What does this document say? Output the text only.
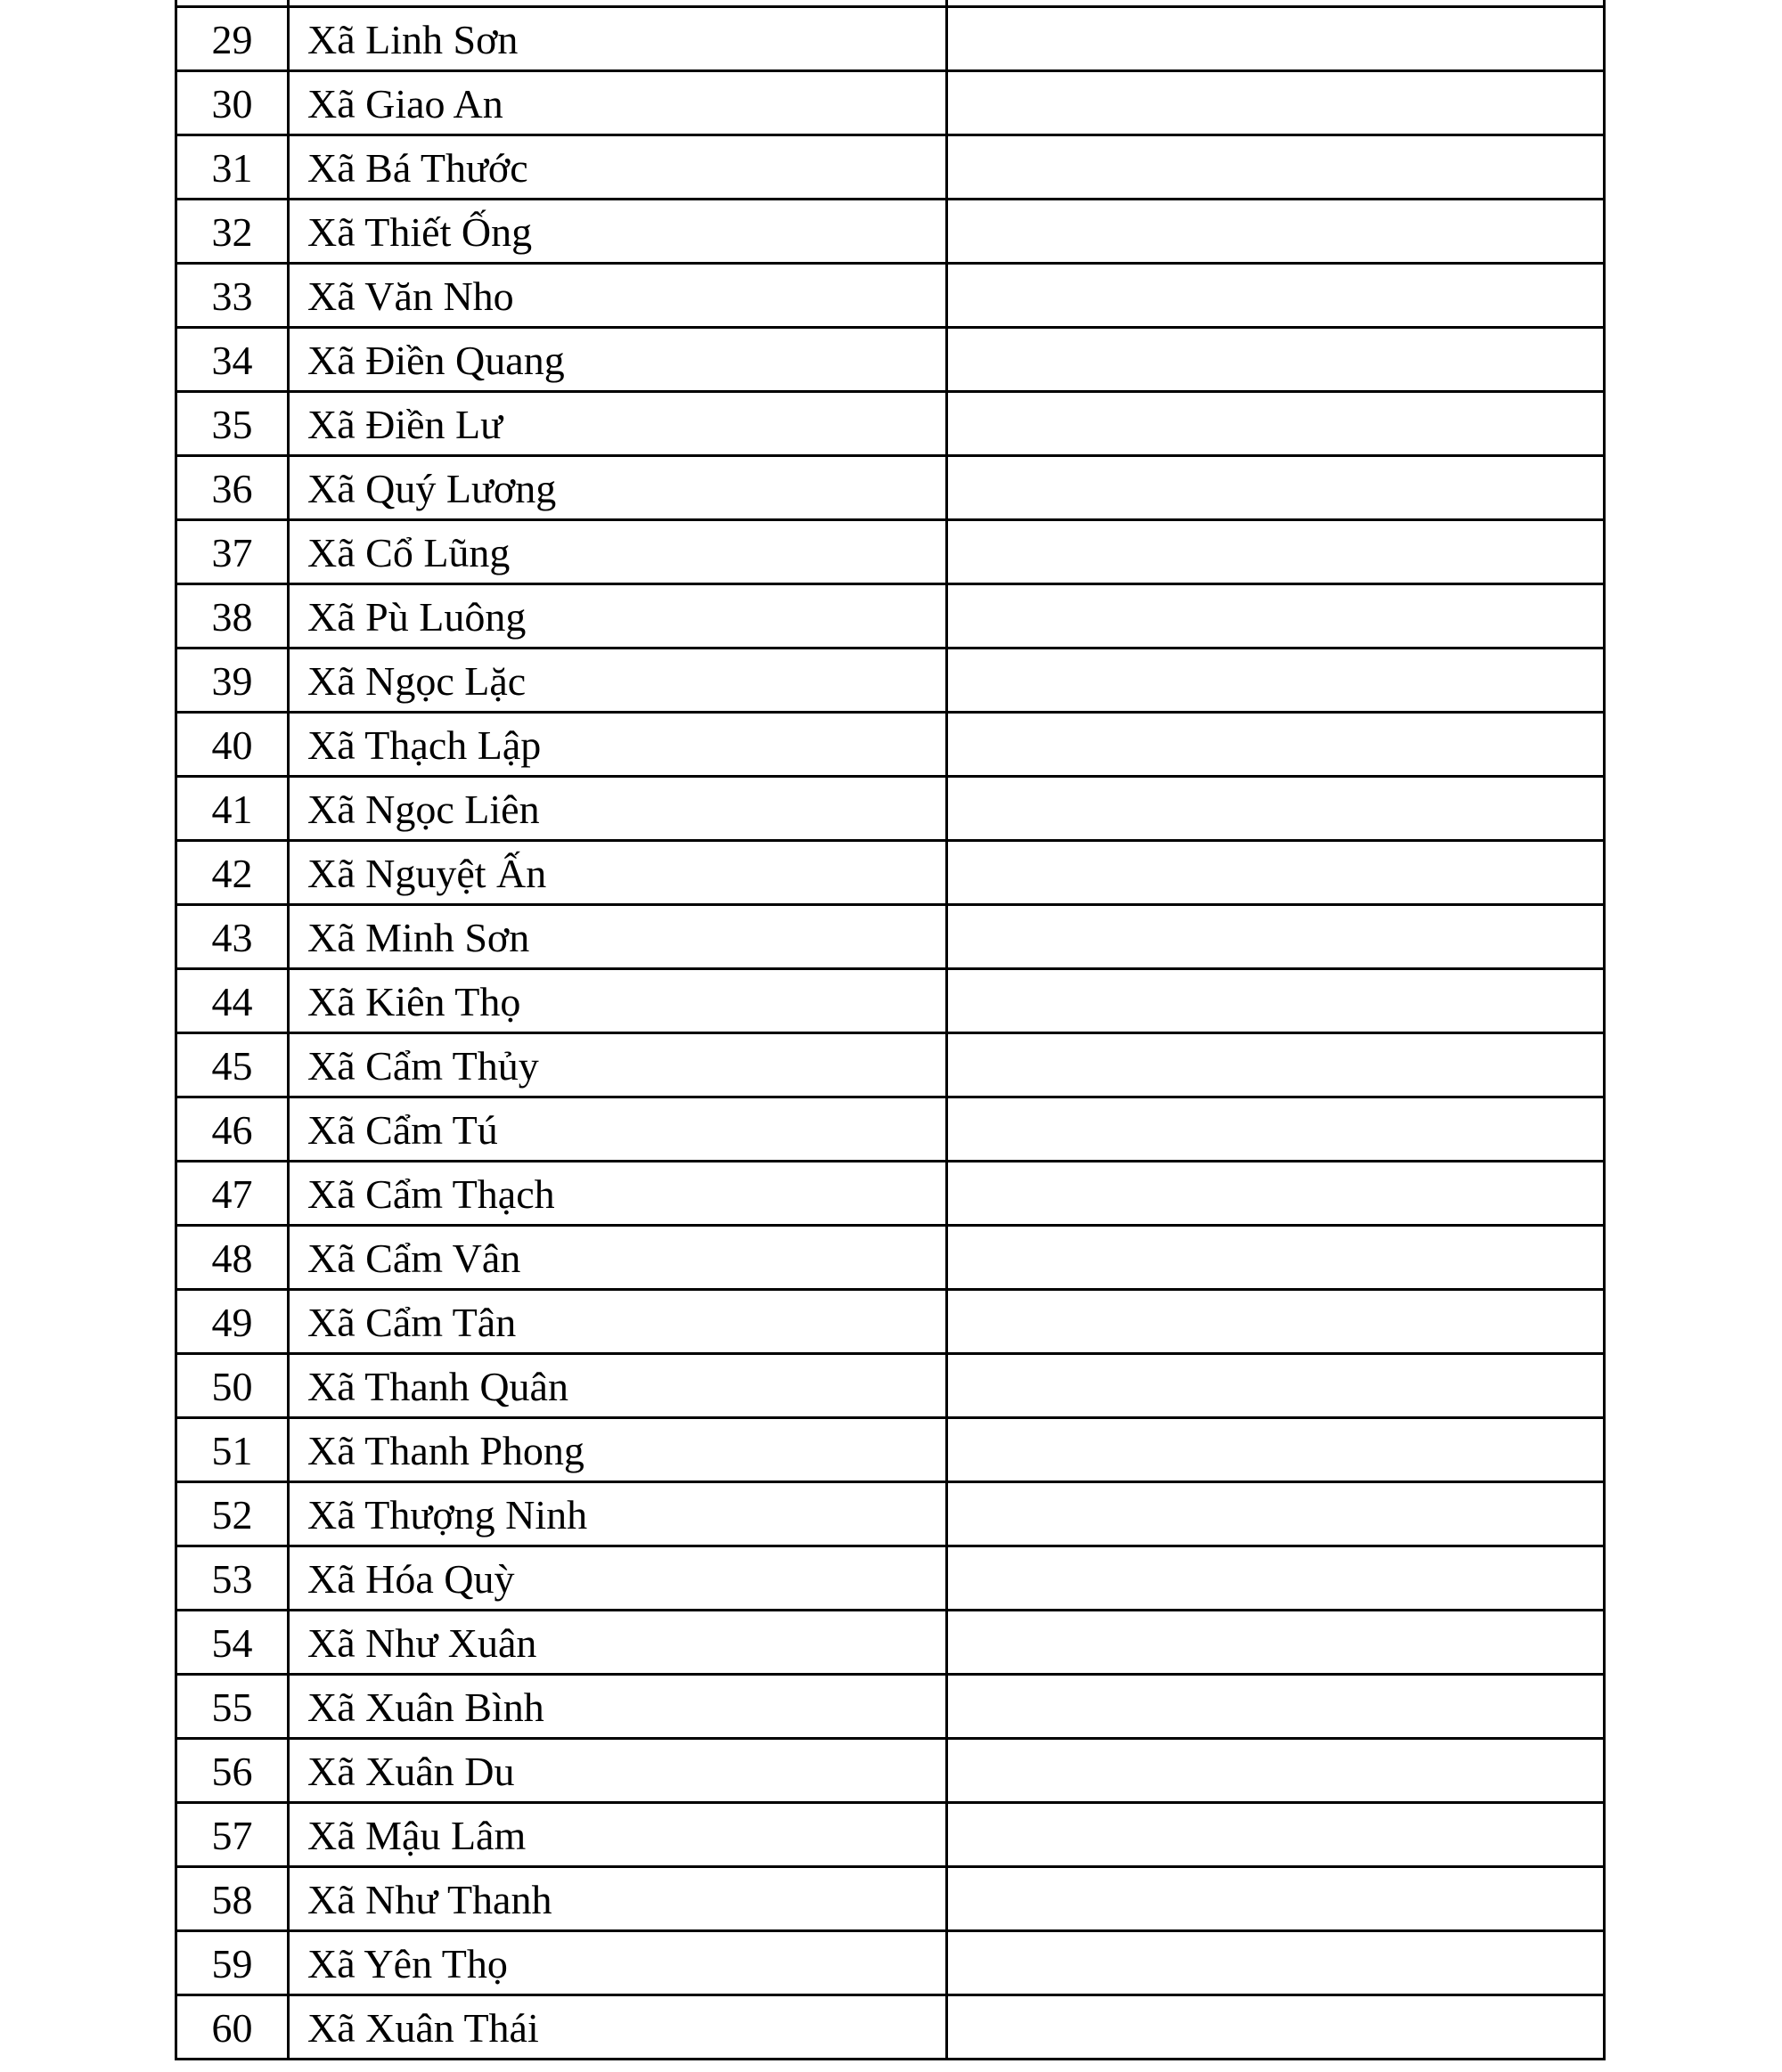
29	Xã Linh Sơn
30	Xã Giao An
31	Xã Bá Thước
32	Xã Thiết Ống
33	Xã Văn Nho
34	Xã Điền Quang
35	Xã Điền Lư
36	Xã Quý Lương
37	Xã Cổ Lũng
38	Xã Pù Luông
39	Xã Ngọc Lặc
40	Xã Thạch Lập
41	Xã Ngọc Liên
42	Xã Nguyệt Ấn
43	Xã Minh Sơn
44	Xã Kiên Thọ
45	Xã Cẩm Thủy
46	Xã Cẩm Tú
47	Xã Cẩm Thạch
48	Xã Cẩm Vân
49	Xã Cẩm Tân
50	Xã Thanh Quân
51	Xã Thanh Phong
52	Xã Thượng Ninh
53	Xã Hóa Quỳ
54	Xã Như Xuân
55	Xã Xuân Bình
56	Xã Xuân Du
57	Xã Mậu Lâm
58	Xã Như Thanh
59	Xã Yên Thọ
60	Xã Xuân Thái
